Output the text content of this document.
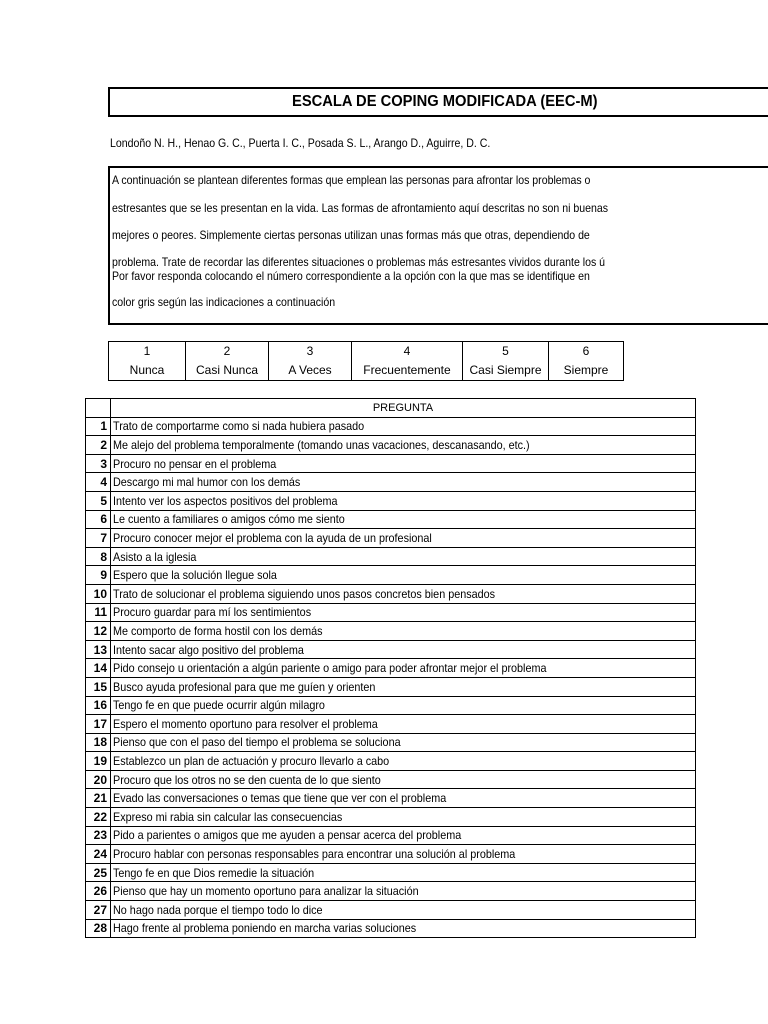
ESCALA DE COPING MODIFICADA (EEC-M)
Londoño N. H., Henao G. C., Puerta I. C., Posada S. L., Arango D., Aguirre, D. C.
A continuación se plantean diferentes formas que emplean las personas para afrontar los problemas o
estresantes que se les presentan en la vida. Las formas de afrontamiento aquí descritas no son ni buenas
mejores o peores. Simplemente ciertas personas utilizan unas formas más que otras, dependiendo de
problema. Trate de recordar las diferentes situaciones o problemas más estresantes vividos durante los ú
Por favor responda colocando el número correspondiente a la opción con la que mas se identifique en
color gris según las indicaciones a continuación
1	2	3	4	5	6
Nunca	Casi Nunca	A Veces	Frecuentemente	Casi Siempre	Siempre
	PREGUNTA
1	Trato de comportarme como si nada hubiera pasado
2	Me alejo del problema temporalmente (tomando unas vacaciones, descanasando, etc.)
3	Procuro no pensar en el problema
4	Descargo mi mal humor con los demás
5	Intento ver los aspectos positivos del problema
6	Le cuento a familiares o amigos cómo me siento
7	Procuro conocer mejor el problema con la ayuda de un profesional
8	Asisto a la iglesia
9	Espero que la solución llegue sola
10	Trato de solucionar el problema siguiendo unos pasos concretos bien pensados
11	Procuro guardar para mí los sentimientos
12	Me comporto de forma hostil con los demás
13	Intento sacar algo positivo del problema
14	Pido consejo u orientación a algún pariente o amigo para poder afrontar mejor el problema
15	Busco ayuda profesional para que me guíen y orienten
16	Tengo fe en que puede ocurrir algún milagro
17	Espero el momento oportuno para resolver el problema
18	Pienso que con el paso del tiempo el problema se soluciona
19	Establezco un plan de actuación y procuro llevarlo a cabo
20	Procuro que los otros no se den cuenta de lo que siento
21	Evado las conversaciones o temas que tiene que ver con el problema
22	Expreso mi rabia sin calcular las consecuencias
23	Pido a parientes o amigos que me ayuden a pensar acerca del problema
24	Procuro hablar con personas responsables para encontrar una solución al problema
25	Tengo fe en que Dios remedie la situación
26	Pienso que hay un momento oportuno para analizar la situación
27	No hago nada porque el tiempo todo lo dice
28	Hago frente al problema poniendo en marcha varias soluciones
